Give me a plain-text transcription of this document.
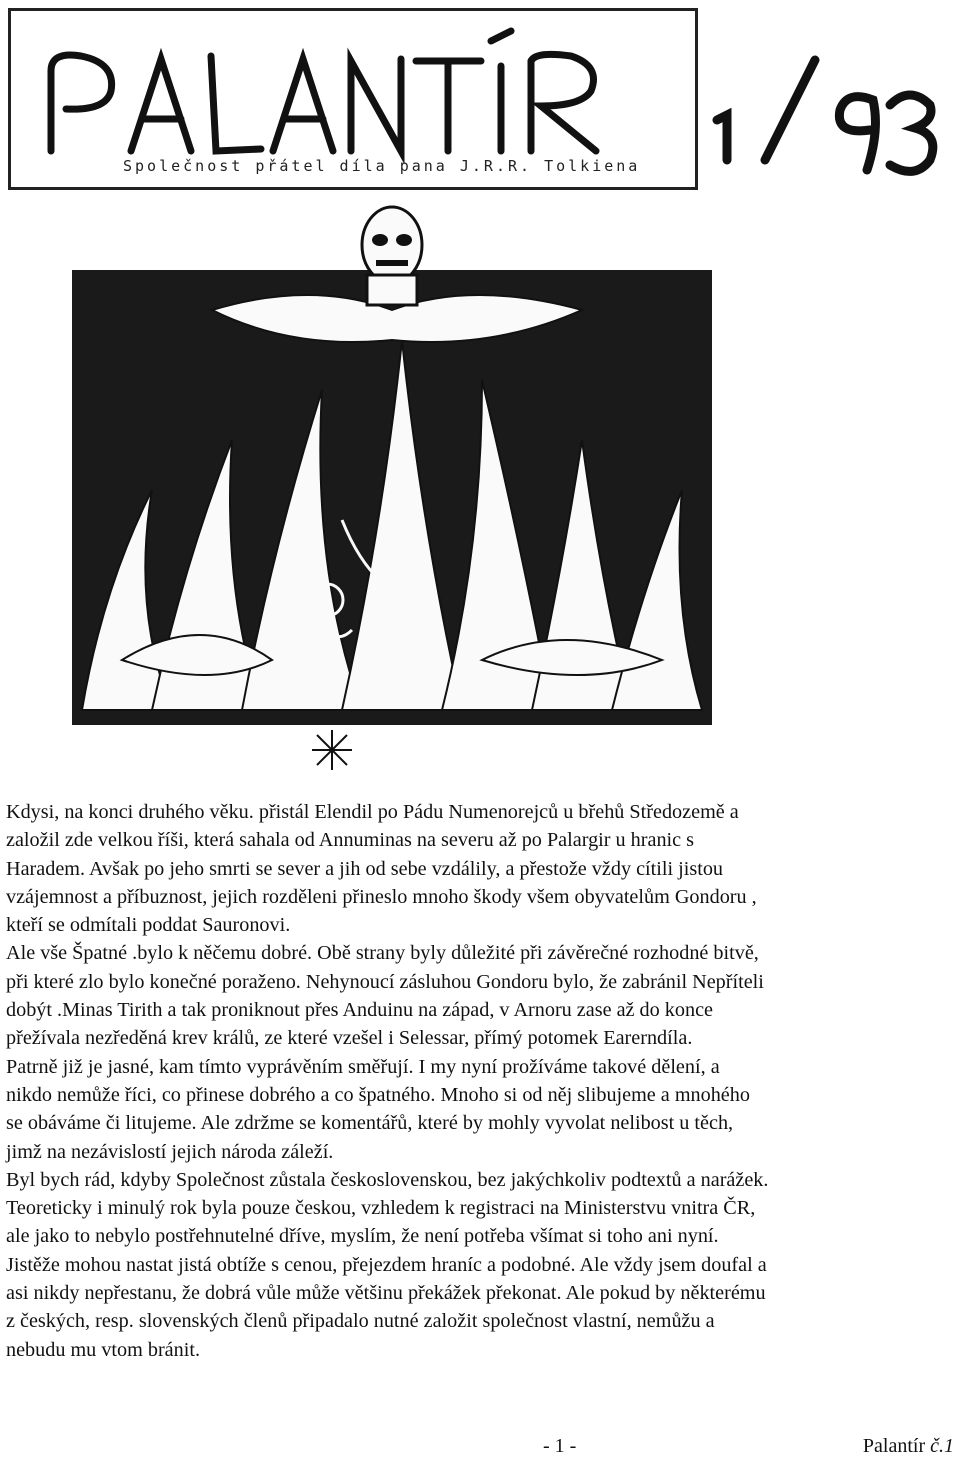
Společnost přátel díla pana J.R.R. Tolkiena

Kdysi, na konci druhého věku. přistál Elendil po Pádu Numenorejců u břehů Středozemě a

založil zde velkou říši, která sahala od Annuminas na severu až po Palargir u hranic s

Haradem. Avšak po jeho smrti se sever a jih od sebe vzdálily, a přestože vždy cítili jistou

vzájemnost a příbuznost, jejich rozděleni přineslo mnoho škody všem obyvatelům Gondoru ,

kteří se odmítali poddat Sauronovi.

Ale vše Špatné .bylo k něčemu dobré. Obě strany byly důležité při závěrečné rozhodné bitvě,

při které zlo bylo konečné poraženo. Nehynoucí zásluhou Gondoru bylo, že zabránil Nepříteli

dobýt .Minas Tirith a tak proniknout přes Anduinu na západ, v Arnoru zase až do konce

přežívala nezředěná krev králů, ze které vzešel i Selessar, přímý potomek Earerndíla.

Patrně již je jasné, kam tímto vyprávěním směřují. I my nyní prožíváme takové dělení, a

nikdo nemůže říci, co přinese dobrého a co špatného. Mnoho si od něj slibujeme a mnohého

se obáváme či litujeme. Ale zdržme se komentářů, které by mohly vyvolat nelibost u těch,

jimž na nezávislostí jejich národa záleží.

Byl bych rád, kdyby Společnost zůstala československou, bez jakýchkoliv podtextů a narážek.

Teoreticky i minulý rok byla pouze českou, vzhledem k registraci na Ministerstvu vnitra ČR,

ale jako to nebylo postřehnutelné dříve, myslím, že není potřeba všímat si toho ani nyní.

Jistěže mohou nastat jistá obtíže s cenou, přejezdem hraníc a podobné. Ale vždy jsem doufal a

asi nikdy nepřestanu, že dobrá vůle může většinu překážek překonat. Ale pokud by některému

z českých, resp. slovenských členů připadalo nutné založit společnost vlastní, nemůžu a

nebudu mu vtom bránit.

- 1 -	Palantír č.1
